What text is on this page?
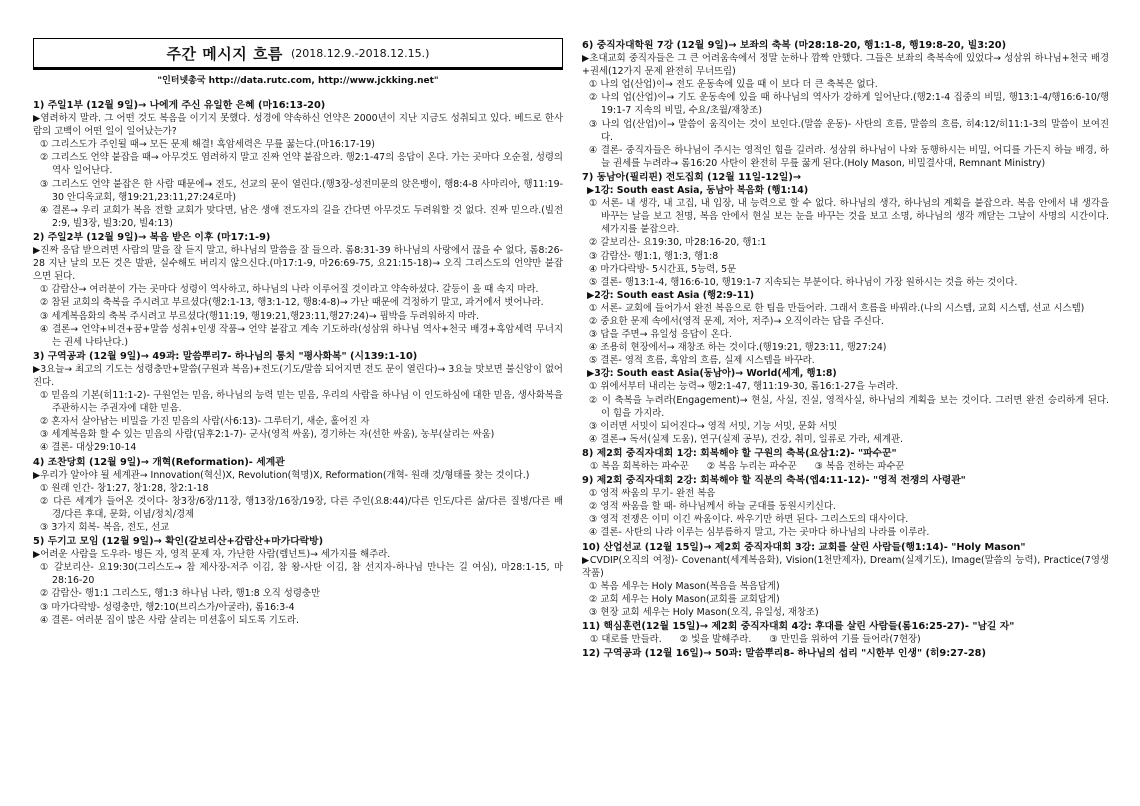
주간 메시지 흐름 (2018.12.9.-2018.12.15.)
"인터넷총국 http://data.rutc.com, http://www.jckking.net"
1) 주일1부 (12월 9일)→ 나에게 주신 유일한 은혜 (마16:13-20)
▶염려하지 말라. 그 어떤 것도 복음을 이기지 못했다. 성경에 약속하신 언약은 2000년이 지난 지금도 성취되고 있다. 베드로 한사람의 고백이 어떤 일이 일어났는가?
① 그리스도가 주인될 때→ 모든 문제 해결! 흑암세력은 무릎 꿇는다.(마16:17-19)
② 그리스도 언약 붙잡을 때→ 아무것도 염려하지 말고 진짜 언약 붙잡으라. 행2:1-47의 응답이 온다. 가는 곳마다 오순절, 성령의 역사 일어난다.
③ 그리스도 언약 붙잡은 한 사람 때문에→ 전도, 선교의 문이 열린다.(행3장-성전미문의 앉은뱅이, 행8:4-8 사마리아, 행11:19-30 안디옥교회, 행19:21,23:11,27:24로마)
④ 결론→ 우리 교회가 복음 전할 교회가 맞다면, 남은 생애 전도자의 길을 간다면 아무것도 두려워할 것 없다. 진짜 믿으라.(빌전2:9, 빌3장, 빌3:20, 빌4:13)
2) 주일2부 (12월 9일)→ 복음 받은 이후 (마17:1-9)
▶진짜 응답 받으려면 사람의 말을 잘 듣지 말고, 하나님의 말씀을 잘 들으라. 롬8:31-39 하나님의 사랑에서 끊을 수 없다, 롬8:26-28 지난 날의 모든 것은 발판, 실수해도 버리지 않으신다.(마17:1-9, 마26:69-75, 요21:15-18)→ 오직 그리스도의 언약만 붙잡으면 된다.
① 감람산→ 여러분이 가는 곳마다 성령이 역사하고, 하나님의 나라 이루어질 것이라고 약속하셨다. 갈등이 올 때 속지 마라.
② 참된 교회의 축복을 주시려고 부르셨다(행2:1-13, 행3:1-12, 행8:4-8)→ 가난 때문에 걱정하기 말고, 과거에서 벗어나라.
③ 세계복음화의 축복 주시려고 부르셨다(행11:19, 행19:21,행23:11,행27:24)→ 핍박을 두려워하지 마라.
④ 결론→ 언약+비견+꿈+말씀 성취+인생 작품→ 언약 붙잡고 계속 기도하라(성삼위 하나님 역사+천국 배경+흑암세력 무너지는 권세 나타난다.)
3) 구역공과 (12월 9일)→ 49과: 말씀뿌리7- 하나님의 통치 "평사화복" (시139:1-10)
▶3요늘→ 최고의 기도는 성령충만+말씀(구원과 복음)+전도(기도/말씀 되어지면 전도 문이 열린다)→ 3요늘 맛보면 불신앙이 없어진다.
① 믿음의 기본(히11:1-2)- 구원얻는 믿음, 하나님의 능력 믿는 믿음, 우리의 사람을 하나님 이 인도하심에 대한 믿음, 생사화복을 주관하시는 주권자에 대한 믿음.
② 혼자서 살아남는 비밀을 가진 믿음의 사람(사6:13)- 그루터기, 새순, 홀어진 자
③ 세계복음화 할 수 있는 믿음의 사람(딤후2:1-7)- 군사(영적 싸움), 경기하는 자(선한 싸움), 농부(살리는 싸움)
④ 결론- 대상29:10-14
4) 조찬당회 (12월 9일)→ 개혁(Reformation)- 세계관
▶우리가 알아야 될 세계관→ Innovation(혁신)X, Revolution(혁명)X, Reformation(개혁- 원래 것/형태를 찾는 것이다.)
① 원래 인간- 창1:27, 창1:28, 창2:1-18
② 다른 세계가 들어온 것이다- 창3장/6장/11장, 행13장/16장/19장, 다른 주인(요8:44)/다른 인도/다른 삶/다른 질병/다른 배경/다른 후대, 문화, 이념/정치/경제
③ 3가지 회복- 복음, 전도, 선교
5) 두기고 모임 (12월 9일)→ 확인(갈보리산+감람산+마가다락방)
▶어려운 사람을 도우라- 병든 자, 영적 문제 자, 가난한 사람(렘넌트)→ 세가지를 해주라.
① 갈보리산- 요19:30(그리스도→ 참 제사장-저주 이김, 참 왕-사탄 이김, 참 선지자-하나님 만나는 길 여심), 마28:1-15, 마28:16-20
② 감람산- 행1:1 그리스도, 행1:3 하나님 나라, 행1:8 오직 성령충만
③ 마가다락방- 성령충만, 행2:10(브리스가/아굴라), 롬16:3-4
④ 결론- 여러분 집이 많은 사람 살리는 미션홈이 되도록 기도라.
6) 중직자대학원 7강 (12월 9일)→ 보좌의 축복 (마28:18-20, 행1:1-8, 행19:8-20, 빌3:20)
▶초대교회 중직자들은 그 큰 어려움속에서 정말 눈하나 깜짝 안했다. 그들은 보좌의 축복속에 있었다→ 성삼위 하나님+천국 배경+권세(12가지 문제 완전히 무너뜨림)
① 나의 업(산업)이→ 전도 운동속에 있을 때 이 보다 더 큰 축복은 없다.
② 나의 업(산업)이→ 기도 운동속에 있을 때 하나님의 역사가 강하게 일어난다.(행2:1-4 집중의 비밀, 행13:1-4/행16:6-10/행19:1-7 지속의 비밀, 수요/초월/재창조)
③ 나의 업(산업)이→ 말씀이 움직이는 것이 보인다.(말씀 운동)- 사탄의 흐름, 말씀의 흐름, 히4:12/히11:1-3의 말씀이 보여진다.
④ 결론- 중직자들은 하나님이 주시는 영적인 힘을 길러라. 성삼위 하나님이 나와 동행하시는 비밀, 어디를 가든지 하늘 배경, 하늘 권세를 누려라→ 롬16:20 사탄이 완전히 무릎 꿇게 된다.(Holy Mason, 비밀결사대, Remnant Ministry)
7) 동남아(필리핀) 전도집회 (12월 11일-12일)→
▶1강: South east Asia, 동남아 복음화 (행1:14)
① 서론- 내 생각, 내 고집, 내 입장, 내 능력으로 할 수 없다. 하나님의 생각, 하나님의 계획을 붙잡으라. 복음 안에서 내 생각을 바꾸는 날을 보고 천명, 복음 안에서 현실 보는 눈을 바꾸는 것을 보고 소명, 하나님의 생각 깨닫는 그날이 사명의 시간이다. 세가지를 붙잡으라.
② 갈보리산- 요19:30, 마28:16-20, 행1:1
③ 감람산- 행1:1, 행1:3, 행1:8
④ 마가다락방- 5시간표, 5능력, 5문
⑤ 결론- 행13:1-4, 행16:6-10, 행19:1-7 지속되는 부분이다. 하나님이 가장 원하시는 것을 하는 것이다.
▶2강: South east Asia (행2:9-11)
① 서론- 교회에 들어가서 완전 복음으로 한 팀을 만들어라. 그래서 흐름을 바꿔라.(나의 시스템, 교회 시스템, 선교 시스템)
② 중요한 문제 속에서(영적 문제, 저아, 저주)→ 오직이라는 답을 주신다.
③ 답을 주면→ 유일성 응답이 온다.
④ 조용히 현장에서→ 재창조 하는 것이다.(행19:21, 행23:11, 행27:24)
⑤ 결론- 영적 흐름, 흑암의 흐름, 실제 시스템을 바꾸라.
▶3강: South east Asia(동남아)→ World(세계, 행1:8)
① 위에서부터 내리는 능력→ 행2:1-47, 행11:19-30, 롬16:1-27을 누려라.
② 이 축복을 누려라(Engagement)→ 현실, 사실, 진실, 영적사실, 하나님의 계획을 보는 것이다. 그러면 완전 승리하게 된다. 이 힘을 가지라.
③ 이러면 서밋이 되어진다→ 영적 서밋, 기능 서밋, 문화 서밋
④ 결론→ 독서(실제 도움), 연구(실제 공부), 건강, 취미, 일류로 가라, 세계관.
8) 제2회 중직자대회 1강: 회복해야 할 구원의 축복(요삼1:2)- "파수꾼"
① 복음 회복하는 파수꾼 ② 복음 누리는 파수꾼 ③ 복음 전하는 파수꾼
9) 제2회 중직자대회 2강: 회복해야 할 직분의 축복(엡4:11-12)- "영적 전쟁의 사령관"
① 영적 싸움의 무기- 완전 복음
② 영적 싸움을 할 때- 하나님께서 하늘 군대를 동원시키신다.
③ 영적 전쟁은 이미 이긴 싸움이다. 싸우기만 하면 된다- 그리스도의 대사이다.
④ 결론- 사탄의 나라 이루는 심부름하지 말고, 가는 곳마다 하나님의 나라를 이루라.
10) 산업선교 (12월 15일)→ 제2회 중직자대회 3강: 교회를 살린 사람들(행1:14)- "Holy Mason"
▶CVDIP(오직의 여정)- Covenant(세계복음화), Vision(1천만제자), Dream(실제기도), Image(말씀의 능력), Practice(7영생 작품)
① 복음 세우는 Holy Mason(복음을 복음답게)
② 교회 세우는 Holy Mason(교회를 교회답게)
③ 현장 교회 세우는 Holy Mason(오직, 유일성, 재창조)
11) 핵심훈련(12월 15일)→ 제2회 중직자대회 4강: 후대를 살린 사람들(롬16:25-27)- "남길 자"
① 대로를 만들라. ② 빛을 발해주라. ③ 만민을 위하여 기를 들어라(7현장)
12) 구역공과 (12월 16일)→ 50과: 말씀뿌리8- 하나님의 섭리 "시한부 인생" (히9:27-28)
